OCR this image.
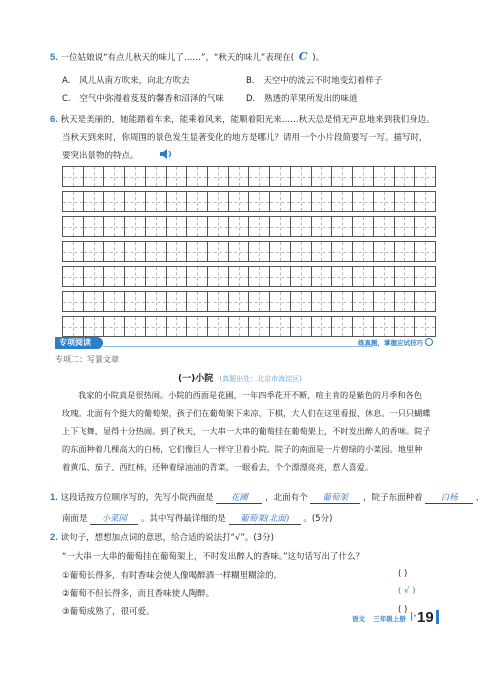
5. 一位姑娘说“有点儿秋天的味儿了……”，“秋天的味儿”表现在( C )。
A. 风儿从南方吹来，向北方吹去	B. 天空中的流云不时地变幻着样子
C. 空气中弥漫着芨芨的馨香和沼泽的气味	D. 熟透的苹果所发出的味道
6. 秋天是美丽的，她能踏着车来，能乘着风来，能顺着阳光来……秋天总是悄无声息地来到我们身边。
当秋天到来时，你周围的景色发生显著变化的地方是哪儿？请用一个小片段简要写一写。描写时，
要突出景物的特点。
专项阅读	练真题，掌握应试技巧
专项二：写景文章
(一)小院 (真题出处：北京市海淀区)
我家的小院真是很热闹。小院的西面是花圃，一年四季花开不断，喧主肯的是紫色的月季和各色
玫瑰。北面有个挺大的葡萄架，孩子们在葡萄架下来凉、下棋，大人们在这里看报、休息。一只只蝴蝶
上下飞舞，显得十分热闹。到了秋天，一大串一大串的葡萄挂在葡萄架上，不时发出醉人的香味。院子
的东面种着几棵高大的白杨，它们像巨人一样守卫着小院。院子的南面是一片碧绿的小菜园。地里种
着黄瓜、茄子、西红柿，还种着绿油油的青菜，一眼看去，个个漂漂亮亮，惹人喜爱。
1. 这段话按方位顺序写的，先写小院西面是 花圃 ，北面有个 葡萄架 ，院子东面种着 白杨 ，
南面是 小菜园 。其中写得最详细的是 葡萄架(北面) 。(5分)
2. 读句子，想想加点词的意思，给合适的说法打“√”。(3分)
“一大串一大串的葡萄挂在葡萄架上，不时发出醉人的香味。”这句话写出了什么？
①葡萄长得多，有时香味会使人像喝醉酒一样糊里糊涂的。	( )
②葡萄不但长得多，而且香味使人陶醉。	( √ )
③葡萄成熟了，很可爱。	( )
语文 三年级上册 |· 19
